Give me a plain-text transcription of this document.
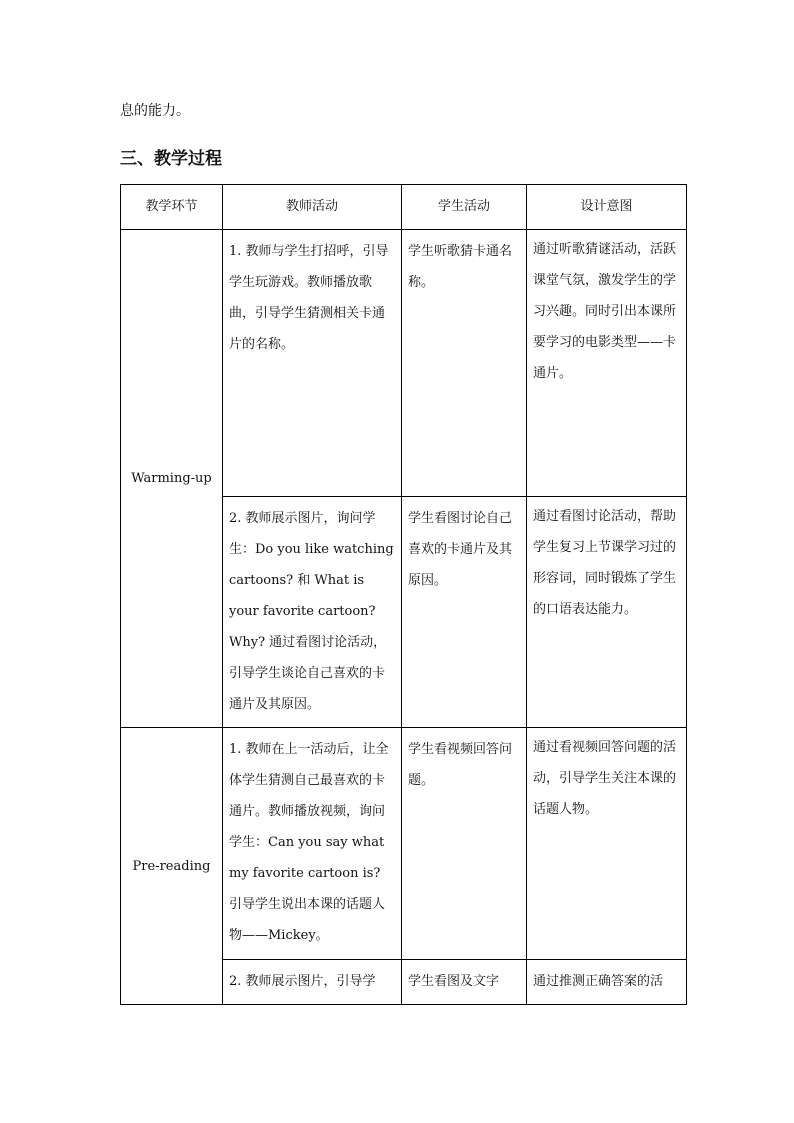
息的能力。
三、教学过程
教学环节	教师活动	学生活动	设计意图
Warming-up	1. 教师与学生打招呼，引导学生玩游戏。教师播放歌曲，引导学生猜测相关卡通片的名称。	学生听歌猜卡通名称。	通过听歌猜谜活动，活跃课堂气氛，激发学生的学习兴趣。同时引出本课所要学习的电影类型——卡通片。
	2. 教师展示图片，询问学生：Do you like watching cartoons? 和 What is your favorite cartoon? Why? 通过看图讨论活动，引导学生谈论自己喜欢的卡通片及其原因。	学生看图讨论自己喜欢的卡通片及其原因。	通过看图讨论活动，帮助学生复习上节课学习过的形容词，同时锻炼了学生的口语表达能力。
Pre-reading	1. 教师在上一活动后，让全体学生猜测自己最喜欢的卡通片。教师播放视频，询问学生：Can you say what my favorite cartoon is? 引导学生说出本课的话题人物——Mickey。	学生看视频回答问题。	通过看视频回答问题的活动，引导学生关注本课的话题人物。
	2. 教师展示图片，引导学	学生看图及文字	通过推测正确答案的活
